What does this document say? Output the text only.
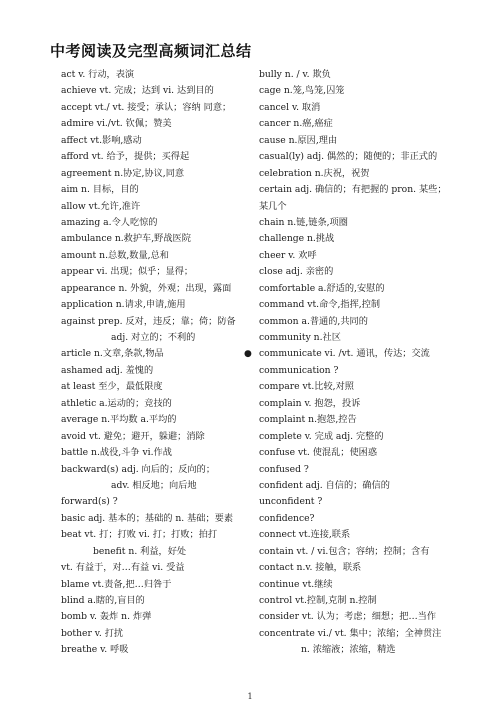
中考阅读及完型高频词汇总结
act v. 行动，表演
achieve vt. 完成；达到 vi. 达到目的
accept vt./ vt. 接受；承认；容纳 同意；
admire vi./vt. 钦佩；赞美
affect vt.影响,感动
afford vt. 给予，提供；买得起
agreement n.协定,协议,同意
aim n. 目标，目的
allow vt.允许,准许
amazing a.令人吃惊的
ambulance n.救护车,野战医院
amount n.总数,数量,总和
appear vi. 出现；似乎；显得；
appearance n. 外貌，外观；出现，露面
application n.请求,申请,施用
against prep. 反对，违反；靠；倚；防备
adj. 对立的；不利的
article n.文章,条款,物品
ashamed adj. 羞愧的
at least 至少，最低限度
athletic a.运动的；竞技的
average n.平均数 a.平均的
avoid vt. 避免；避开，躲避；消除
battle n.战役,斗争 vi.作战
backward(s) adj. 向后的；反向的；
adv. 相反地；向后地
forward(s) ?
basic adj. 基本的；基础的 n. 基础；要素
beat vt. 打；打败 vi. 打；打败；拍打
benefit n. 利益，好处
vt. 有益于，对…有益 vi. 受益
blame vt.责备,把…归咎于
blind a.瞎的,盲目的
bomb v. 轰炸 n. 炸弹
bother v. 打扰
breathe v. 呼吸
bully n. / v. 欺负
cage n.笼,鸟笼,囚笼
cancel v. 取消
cancer n.癌,癌症
cause n.原因,理由
casual(ly) adj. 偶然的；随便的；非正式的
celebration n.庆祝，祝贺
certain adj. 确信的；有把握的 pron. 某些；
某几个
chain n.链,链条,项圈
challenge n.挑战
cheer v. 欢呼
close adj. 亲密的
comfortable a.舒适的,安慰的
command vt.命令,指挥,控制
common a.普通的,共同的
community n.社区
● communicate vi. /vt. 通讯，传达；交流
communication ?
compare vt.比较,对照
complain v. 抱怨，投诉
complaint n.抱怨,控告
complete v. 完成 adj. 完整的
confuse vt. 使混乱；使困惑
confused ?
confident adj. 自信的；确信的
unconfident ?
confidence?
connect vt.连接,联系
contain vt. / vi.包含；容纳；控制；含有
contact n.v. 接触，联系
continue vt.继续
control vt.控制,克制 n.控制
consider vt. 认为；考虑；细想；把…当作
concentrate vi./ vt. 集中；浓缩；全神贯注
n. 浓缩液；浓缩，精选
1
